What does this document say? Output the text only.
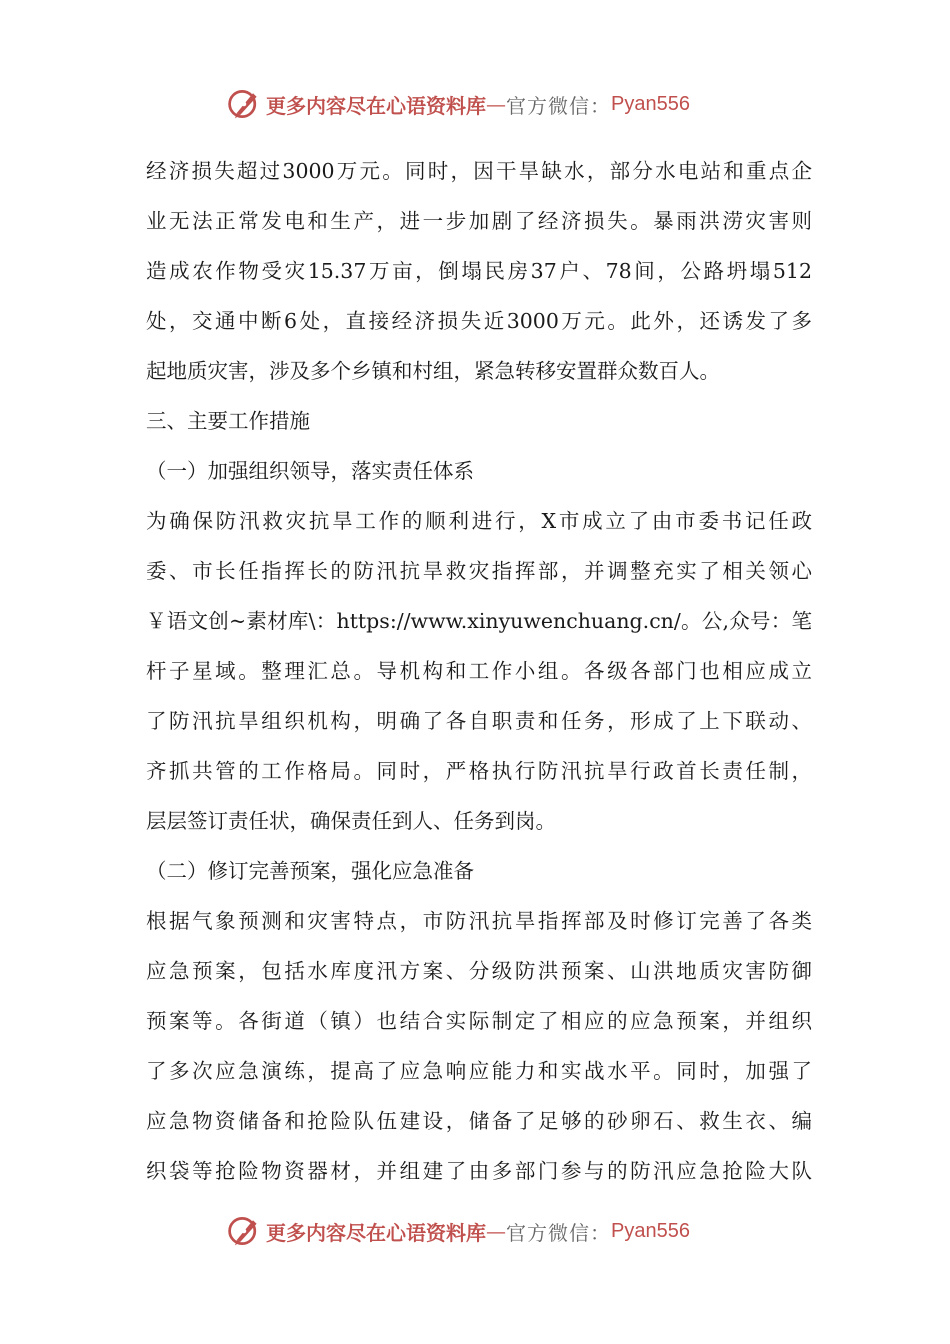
更多内容尽在心语资料库 — 官方微信： Pyan556
经济损失超过3000万元。同时，因干旱缺水，部分水电站和重点企
业无法正常发电和生产，进一步加剧了经济损失。暴雨洪涝灾害则
造成农作物受灾15.37万亩，倒塌民房37户、78间，公路坍塌512
处，交通中断6处，直接经济损失近3000万元。此外，还诱发了多
起地质灾害，涉及多个乡镇和村组，紧急转移安置群众数百人。
三、主要工作措施
（一）加强组织领导，落实责任体系
为确保防汛救灾抗旱工作的顺利进行，X市成立了由市委书记任政
委、市长任指挥长的防汛抗旱救灾指挥部，并调整充实了相关领心
￥语文创~素材库\：https://www.xinyuwenchuang.cn/。公,众号：笔
杆子星域。整理汇总。导机构和工作小组。各级各部门也相应成立
了防汛抗旱组织机构，明确了各自职责和任务，形成了上下联动、
齐抓共管的工作格局。同时，严格执行防汛抗旱行政首长责任制，
层层签订责任状，确保责任到人、任务到岗。
（二）修订完善预案，强化应急准备
根据气象预测和灾害特点，市防汛抗旱指挥部及时修订完善了各类
应急预案，包括水库度汛方案、分级防洪预案、山洪地质灾害防御
预案等。各街道（镇）也结合实际制定了相应的应急预案，并组织
了多次应急演练，提高了应急响应能力和实战水平。同时，加强了
应急物资储备和抢险队伍建设，储备了足够的砂卵石、救生衣、编
织袋等抢险物资器材，并组建了由多部门参与的防汛应急抢险大队
更多内容尽在心语资料库 — 官方微信： Pyan556
